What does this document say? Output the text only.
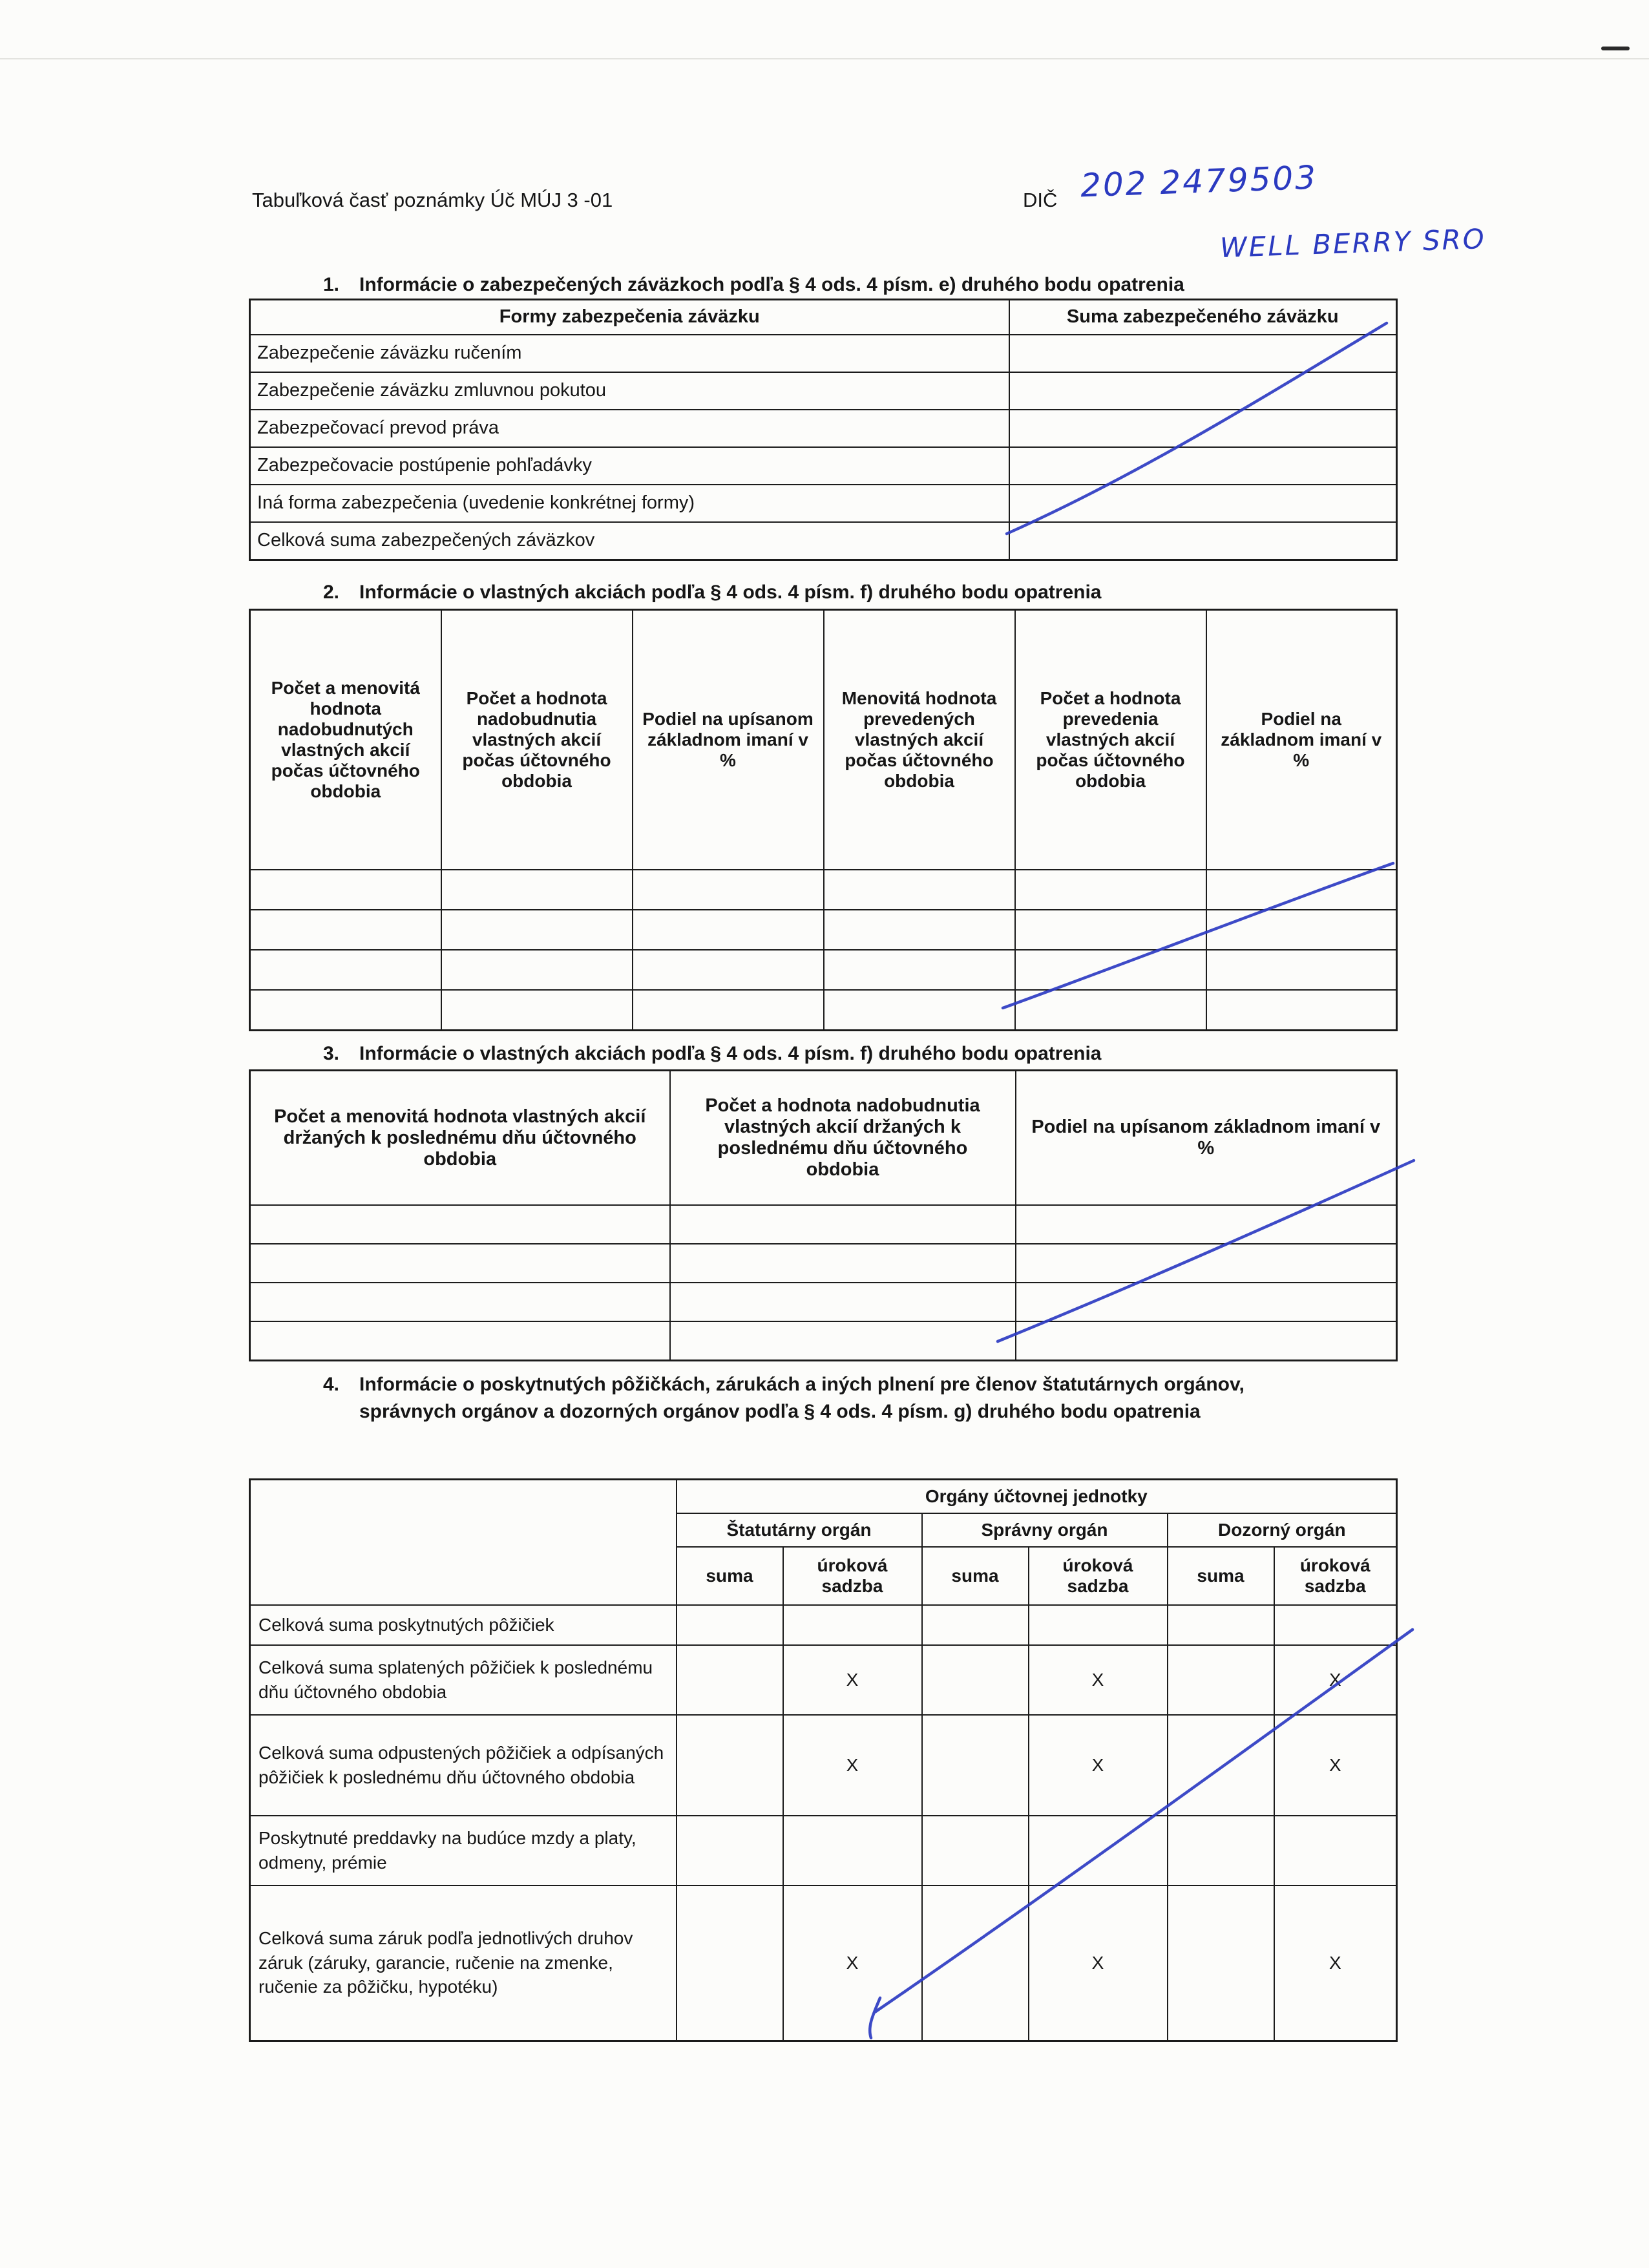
Tabuľková časť poznámky Úč MÚJ 3 -01	DIČ 202 2479503
WELL BERRY SRO
1.	Informácie o zabezpečených záväzkoch podľa § 4 ods. 4 písm. e) druhého bodu opatrenia
Formy zabezpečenia záväzku	Suma zabezpečeného záväzku
Zabezpečenie záväzku ručením	
Zabezpečenie záväzku zmluvnou pokutou	
Zabezpečovací prevod práva	
Zabezpečovacie postúpenie pohľadávky	
Iná forma zabezpečenia (uvedenie konkrétnej formy)	
Celková suma zabezpečených záväzkov	
2.	Informácie o vlastných akciách podľa § 4 ods. 4 písm. f) druhého bodu opatrenia
Počet a menovitá hodnota nadobudnutých vlastných akcií počas účtovného obdobia	Počet a hodnota nadobudnutia vlastných akcií počas účtovného obdobia	Podiel na upísanom základnom imaní v %	Menovitá hodnota prevedených vlastných akcií počas účtovného obdobia	Počet a hodnota prevedenia vlastných akcií počas účtovného obdobia	Podiel na základnom imaní v %

3.	Informácie o vlastných akciách podľa § 4 ods. 4 písm. f) druhého bodu opatrenia
Počet a menovitá hodnota vlastných akcií držaných k poslednému dňu účtovného obdobia	Počet a hodnota nadobudnutia vlastných akcií držaných k poslednému dňu účtovného obdobia	Podiel na upísanom základnom imaní v %

4.	Informácie o poskytnutých pôžičkách, zárukách a iných plnení pre členov štatutárnych orgánov, správnych orgánov a dozorných orgánov podľa § 4 ods. 4 písm. g) druhého bodu opatrenia
	Orgány účtovnej jednotky					
	Štatutárny orgán		Správny orgán		Dozorný orgán	
	suma	úroková sadzba	suma	úroková sadzba	suma	úroková sadzba
Celková suma poskytnutých pôžičiek						
Celková suma splatených pôžičiek k poslednému dňu účtovného obdobia		X		X		X
Celková suma odpustených pôžičiek a odpísaných pôžičiek k poslednému dňu účtovného obdobia		X		X		X
Poskytnuté preddavky na budúce mzdy a platy, odmeny, prémie						
Celková suma záruk podľa jednotlivých druhov záruk (záruky, garancie, ručenie na zmenke, ručenie za pôžičku, hypotéku)		X		X		X
